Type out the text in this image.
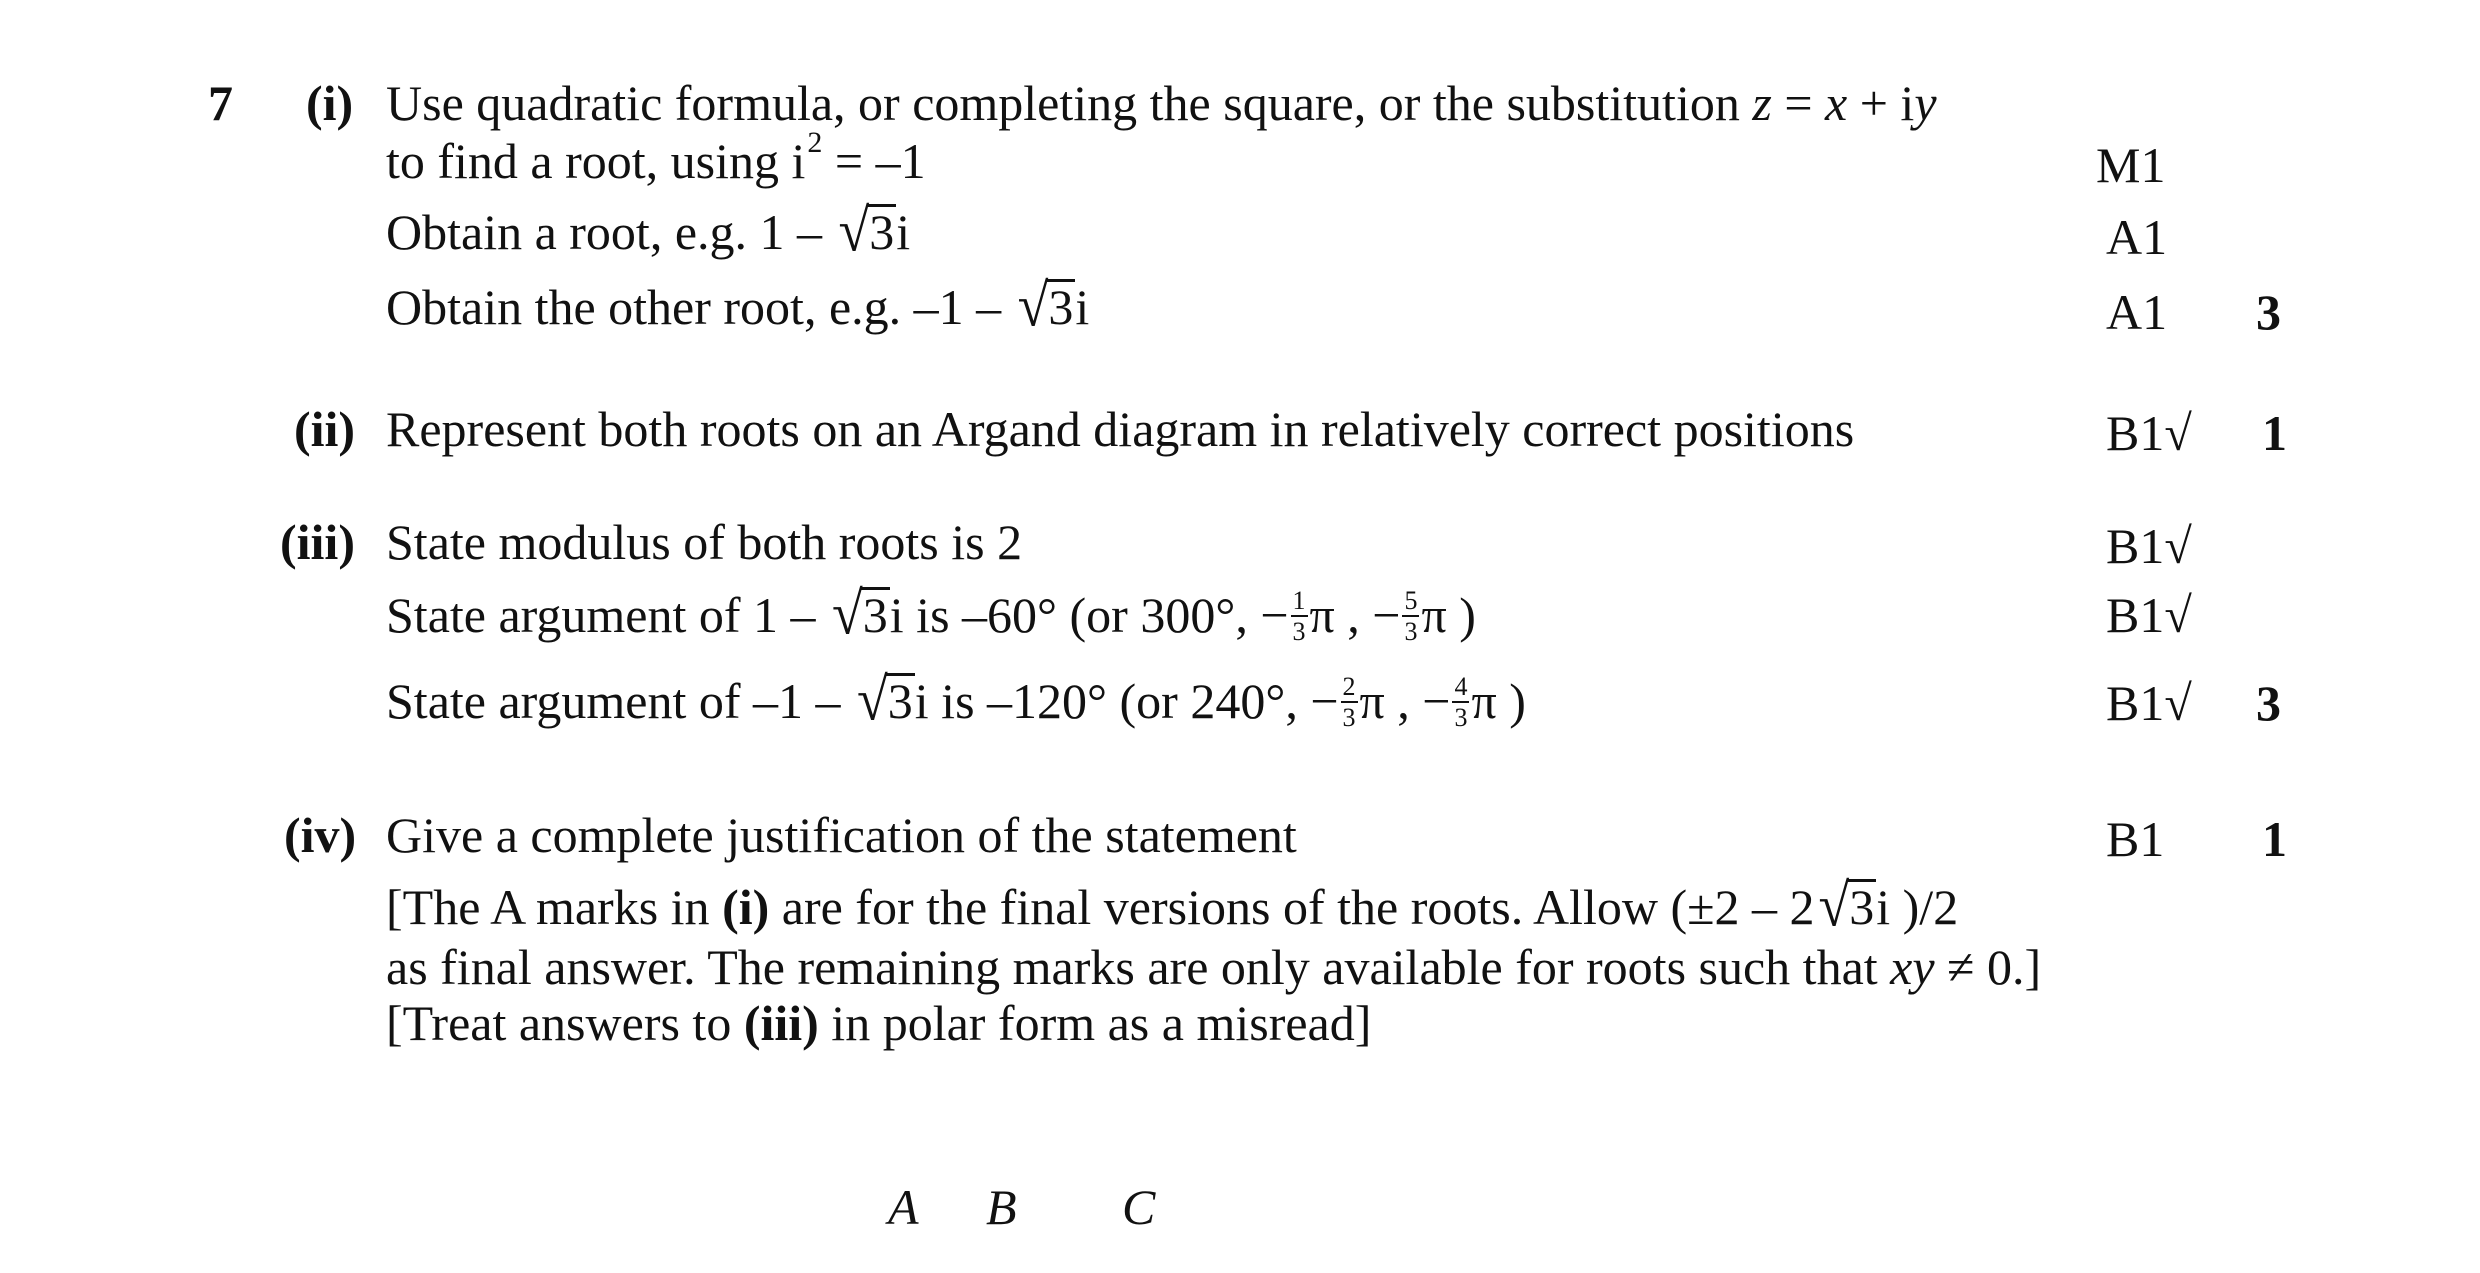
7 (i) Use quadratic formula, or completing the square, or the substitution z = x + iy
to find a root, using $i^2 = -1$
Obtain a root, e.g. 1 – √3i
Obtain the other root, e.g. –1 – √3i
M1
A1
A1 3
(ii) Represent both roots on an Argand diagram in relatively correct positions	B1√ 1
(iii) State modulus of both roots is 2
State argument of 1 – √3i is –60° (or 300°, − $\frac{1}{3}$ π , − $\frac{5}{3}$ π )
State argument of –1 – √3i is –120° (or 240°, − $\frac{2}{3}$ π , − $\frac{4}{3}$ π )
B1√
B1√
B1√ 3
(iv) Give a complete justification of the statement
[The A marks in (i) are for the final versions of the roots. Allow (±2 – 2√3i )/2
as final answer. The remaining marks are only available for roots such that xy ≠ 0.]
[Treat answers to (iii) in polar form as a misread]
B1 1
A B C
